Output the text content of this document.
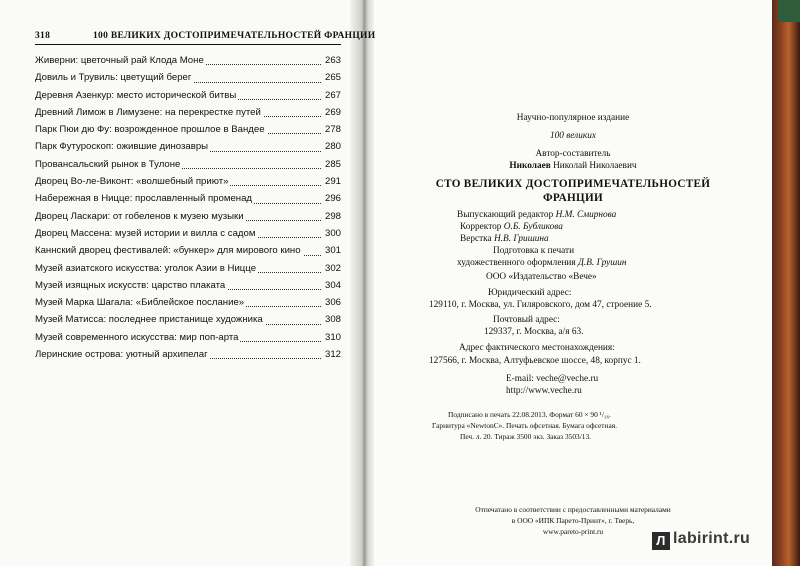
318	100 ВЕЛИКИХ ДОСТОПРИМЕЧАТЕЛЬНОСТЕЙ ФРАНЦИИ
Живерни: цветочный рай Клода Моне	263
Довиль и Трувиль: цветущий берег	265
Деревня Азенкур: место исторической битвы	267
Древний Лимож в Лимузене: на перекрестке путей	269
Парк Пюи дю Фу: возрожденное прошлое в Вандее	278
Парк Футуроскоп: ожившие динозавры	280
Провансальский рынок в Тулоне	285
Дворец Во-ле-Виконт: «волшебный приют»	291
Набережная в Ницце: прославленный променад	296
Дворец Ласкари: от гобеленов к музею музыки	298
Дворец Массена: музей истории и вилла с садом	300
Каннский дворец фестивалей: «бункер» для мирового кино	301
Музей азиатского искусства: уголок Азии в Ницце	302
Музей изящных искусств: царство плаката	304
Музей Марка Шагала: «Библейское послание»	306
Музей Матисса: последнее пристанище художника	308
Музей современного искусства: мир поп-арта	310
Леринские острова: уютный архипелаг	312
Научно-популярное издание
100 великих
Автор-составитель
Николаев Николай Николаевич
СТО ВЕЛИКИХ ДОСТОПРИМЕЧАТЕЛЬНОСТЕЙ
ФРАНЦИИ
Выпускающий редактор Н.М. Смирнова
Корректор О.Б. Бубликова
Верстка Н.В. Гришина
Подготовка к печати
художественного оформления Д.В. Грушин
ООО «Издательство «Вече»
Юридический адрес:
129110, г. Москва, ул. Гиляровского, дом 47, строение 5.
Почтовый адрес:
129337, г. Москва, а/я 63.
Адрес фактического местонахождения:
127566, г. Москва, Алтуфьевское шоссе, 48, корпус 1.
E-mail: veche@veche.ru
http://www.veche.ru
Подписано в печать 22.08.2013. Формат 60 × 90 ¹/₁₆.
Гарнитура «NewtonC». Печать офсетная. Бумага офсетная.
Печ. л. 20. Тираж 3500 экз. Заказ 3503/13.
Отпечатано в соответствии с предоставленными материалами
в ООО «ИПК Парето-Принт», г. Тверь,
www.pareto-print.ru
Л labirint.ru
